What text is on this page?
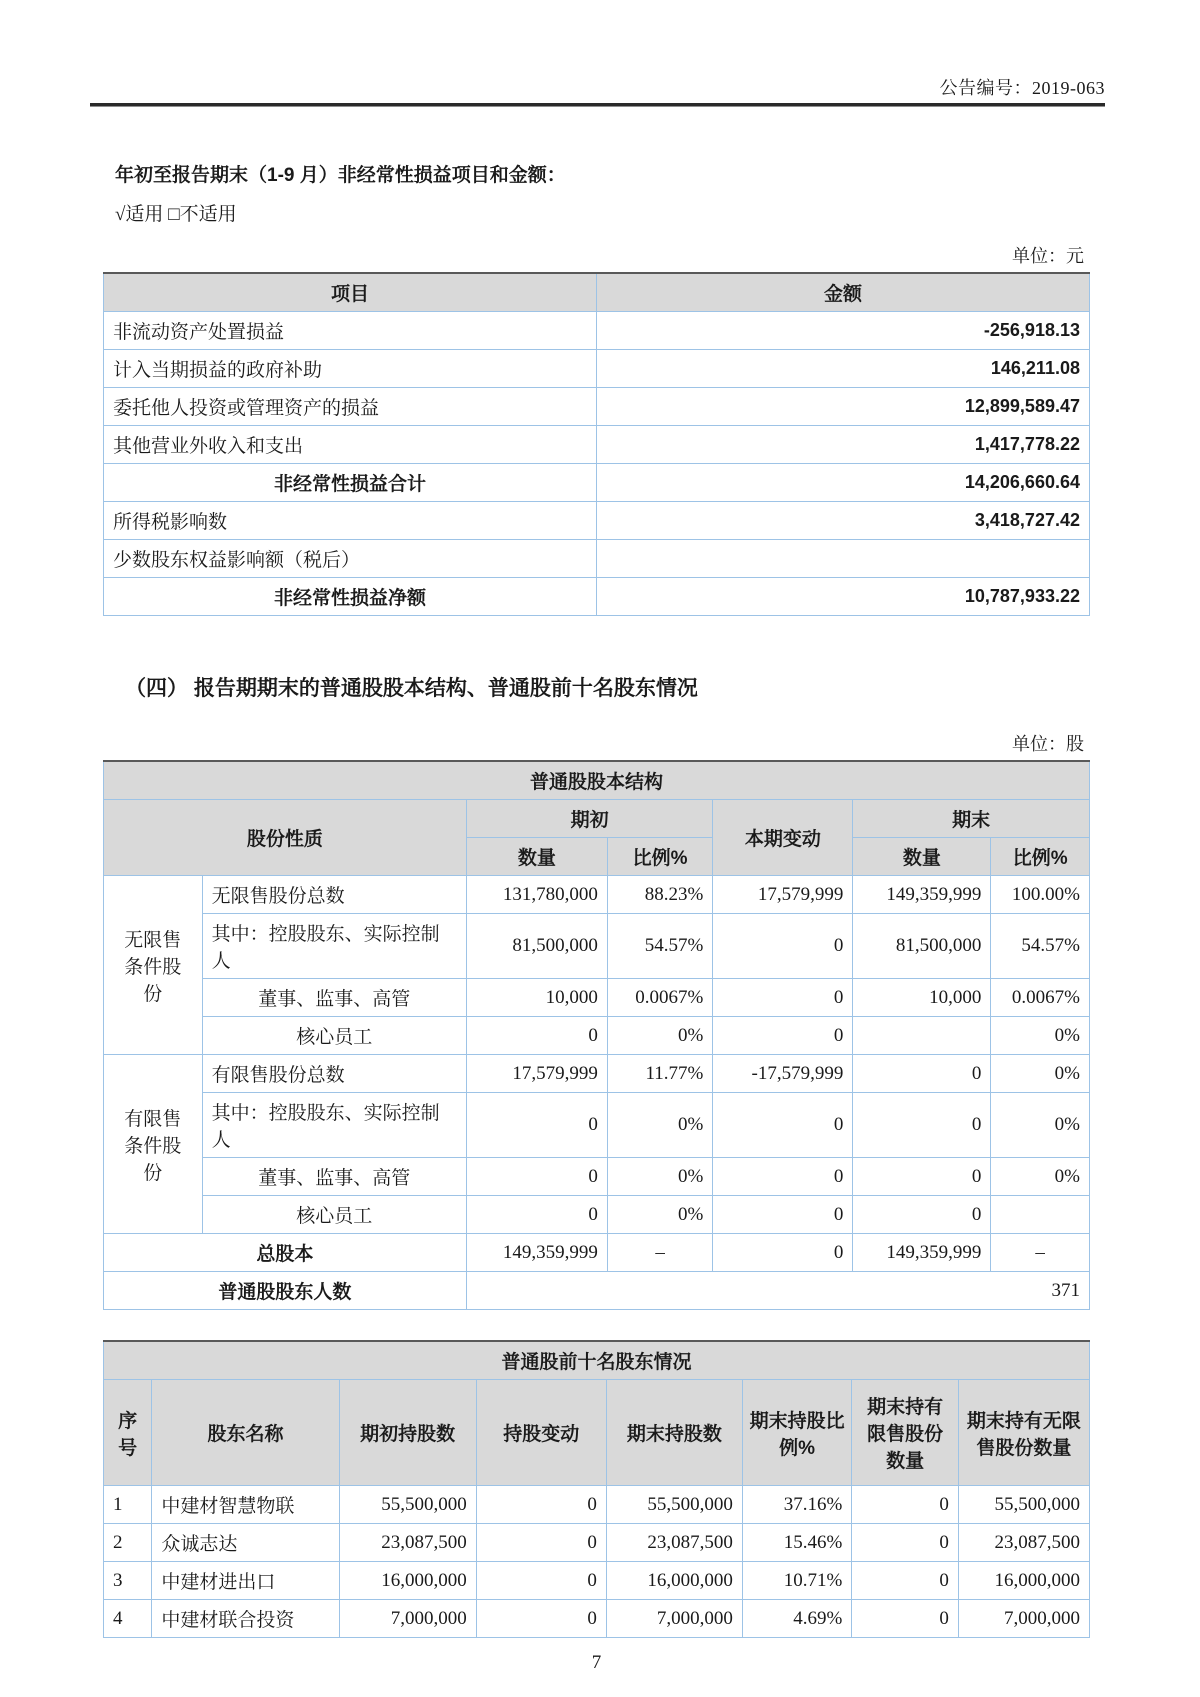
公告编号：2019-063
年初至报告期末（1-9 月）非经常性损益项目和金额：
√适用 □不适用
单位：元
项目	金额
非流动资产处置损益	-256,918.13
计入当期损益的政府补助	146,211.08
委托他人投资或管理资产的损益	12,899,589.47
其他营业外收入和支出	1,417,778.22
非经常性损益合计	14,206,660.64
所得税影响数	3,418,727.42
少数股东权益影响额（税后）	
非经常性损益净额	10,787,933.22
（四） 报告期期末的普通股股本结构、普通股前十名股东情况
单位：股
普通股股本结构						
股份性质		期初		本期变动	期末	
		数量	比例%		数量	比例%
无限售条件股份	无限售股份总数	131,780,000	88.23%	17,579,999	149,359,999	100.00%
	其中：控股股东、实际控制人	81,500,000	54.57%	0	81,500,000	54.57%
	董事、监事、高管	10,000	0.0067%	0	10,000	0.0067%
	核心员工	0	0%	0		0%
有限售条件股份	有限售股份总数	17,579,999	11.77%	-17,579,999	0	0%
	其中：控股股东、实际控制人	0	0%	0	0	0%
	董事、监事、高管	0	0%	0	0	0%
	核心员工	0	0%	0	0	
总股本		149,359,999	–	0	149,359,999	–
普通股股东人数		371				
普通股前十名股东情况							
序号	股东名称	期初持股数	持股变动	期末持股数	期末持股比例%	期末持有限售股份数量	期末持有无限售股份数量
1	中建材智慧物联	55,500,000	0	55,500,000	37.16%	0	55,500,000
2	众诚志达	23,087,500	0	23,087,500	15.46%	0	23,087,500
3	中建材进出口	16,000,000	0	16,000,000	10.71%	0	16,000,000
4	中建材联合投资	7,000,000	0	7,000,000	4.69%	0	7,000,000
7
